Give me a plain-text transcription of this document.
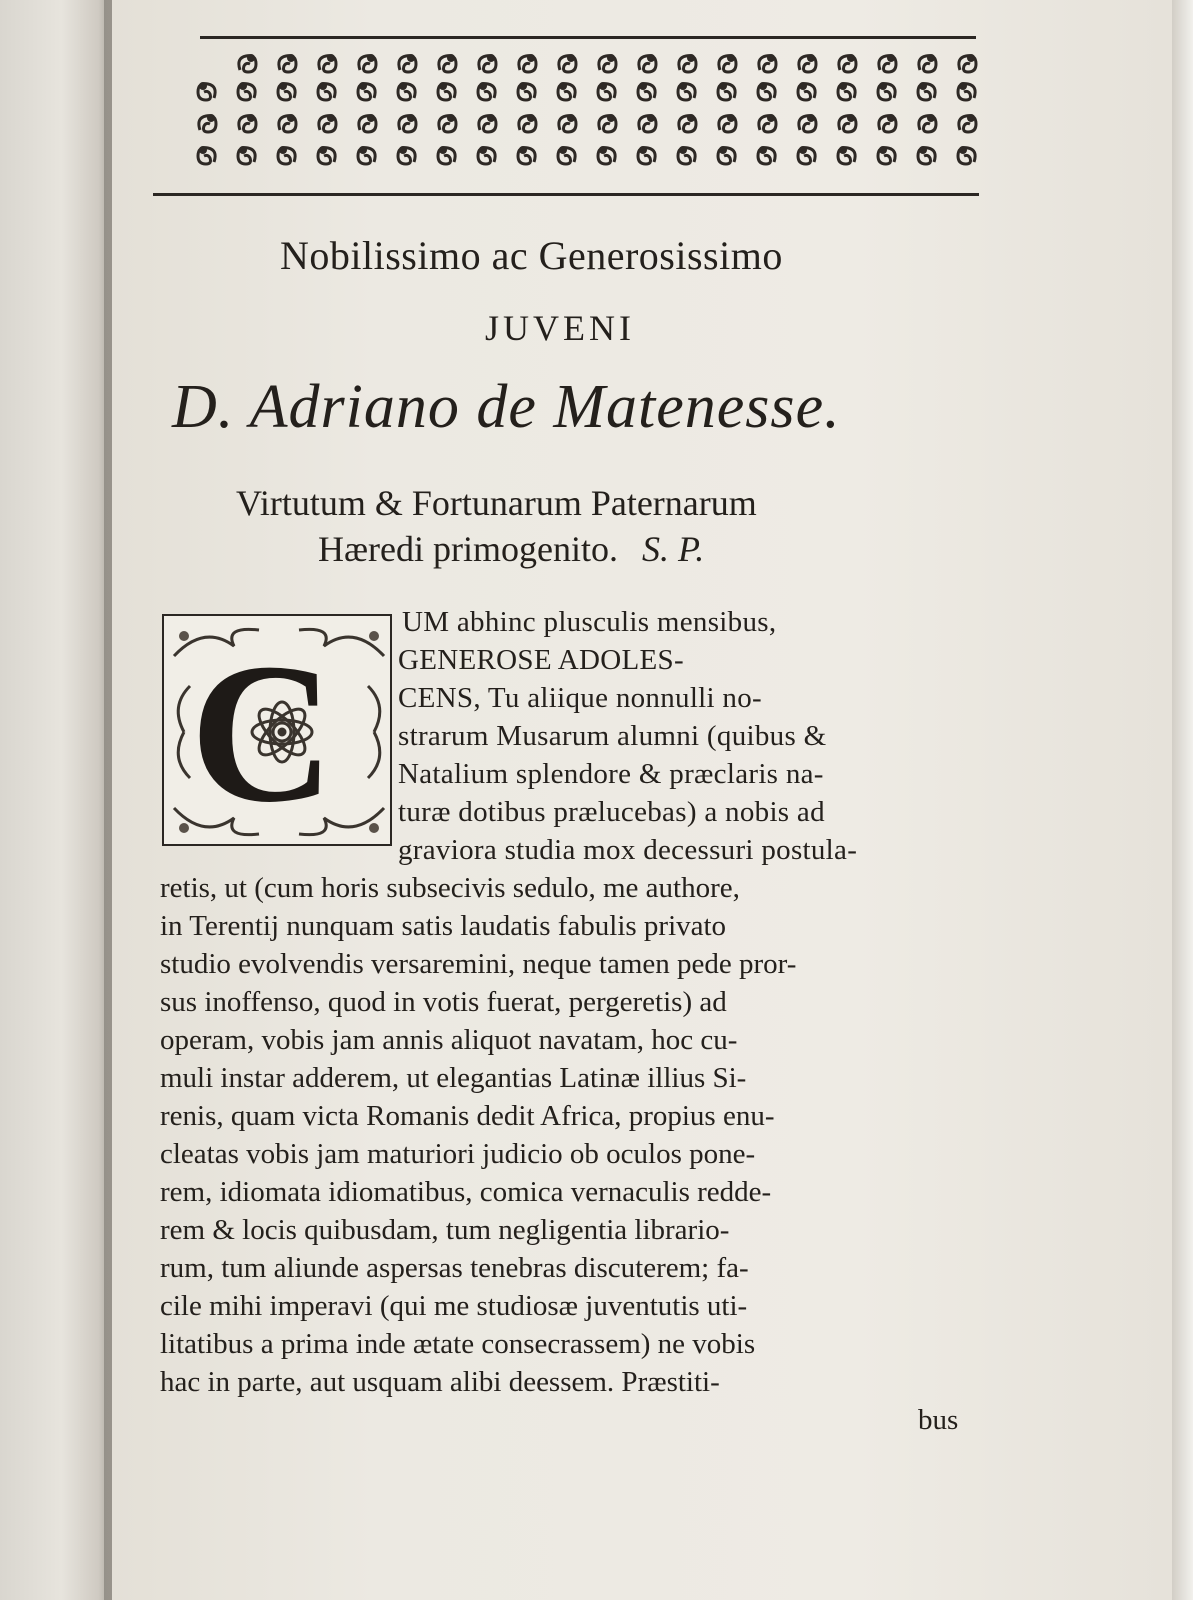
Nobilissimo ac Generosissimo
JUVENI
D. Adriano de Matenesse.
Virtutum & Fortunarum Paternarum
Hæredi primogenito. S. P.
C
UM abhinc plusculis mensibus,
GENEROSE ADOLES-
CENS, Tu aliique nonnulli no-
strarum Musarum alumni (quibus &
Natalium splendore & præclaris na-
turæ dotibus prælucebas) a nobis ad
graviora studia mox decessuri postula-
retis, ut (cum horis subsecivis sedulo, me authore,
in Terentij nunquam satis laudatis fabulis privato
studio evolvendis versaremini, neque tamen pede pror-
sus inoffenso, quod in votis fuerat, pergeretis) ad
operam, vobis jam annis aliquot navatam, hoc cu-
muli instar adderem, ut elegantias Latinæ illius Si-
renis, quam victa Romanis dedit Africa, propius enu-
cleatas vobis jam maturiori judicio ob oculos pone-
rem, idiomata idiomatibus, comica vernaculis redde-
rem & locis quibusdam, tum negligentia librario-
rum, tum aliunde aspersas tenebras discuterem; fa-
cile mihi imperavi (qui me studiosæ juventutis uti-
litatibus a prima inde ætate consecrassem) ne vobis
hac in parte, aut usquam alibi deessem. Præstiti-
bus
